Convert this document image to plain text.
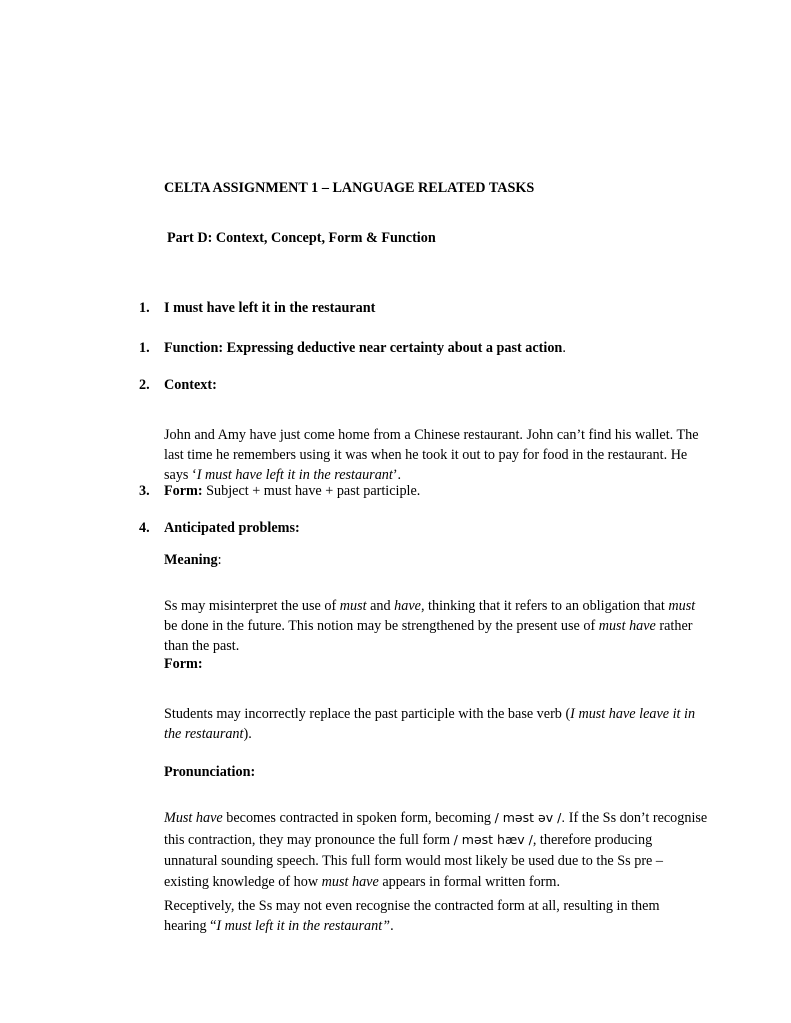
CELTA ASSIGNMENT 1 – LANGUAGE RELATED TASKS
Part D: Context, Concept, Form & Function
1. I must have left it in the restaurant
1. Function: Expressing deductive near certainty about a past action.
2. Context:

John and Amy have just come home from a Chinese restaurant. John can’t find his wallet. The last time he remembers using it was when he took it out to pay for food in the restaurant. He says ‘I must have left it in the restaurant’.

3. Form: Subject + must have + past participle.
4. Anticipated problems:
Meaning:

Ss may misinterpret the use of must and have, thinking that it refers to an obligation that must be done in the future. This notion may be strengthened by the present use of must have rather than the past.

Form:

Students may incorrectly replace the past participle with the base verb (I must have leave it in the restaurant).

Pronunciation:

Must have becomes contracted in spoken form, becoming / məst əv /. If the Ss don’t recognise this contraction, they may pronounce the full form / məst hæv /, therefore producing unnatural sounding speech. This full form would most likely be used due to the Ss pre – existing knowledge of how must have appears in formal written form.

Receptively, the Ss may not even recognise the contracted form at all, resulting in them hearing “I must left it in the restaurant”.
